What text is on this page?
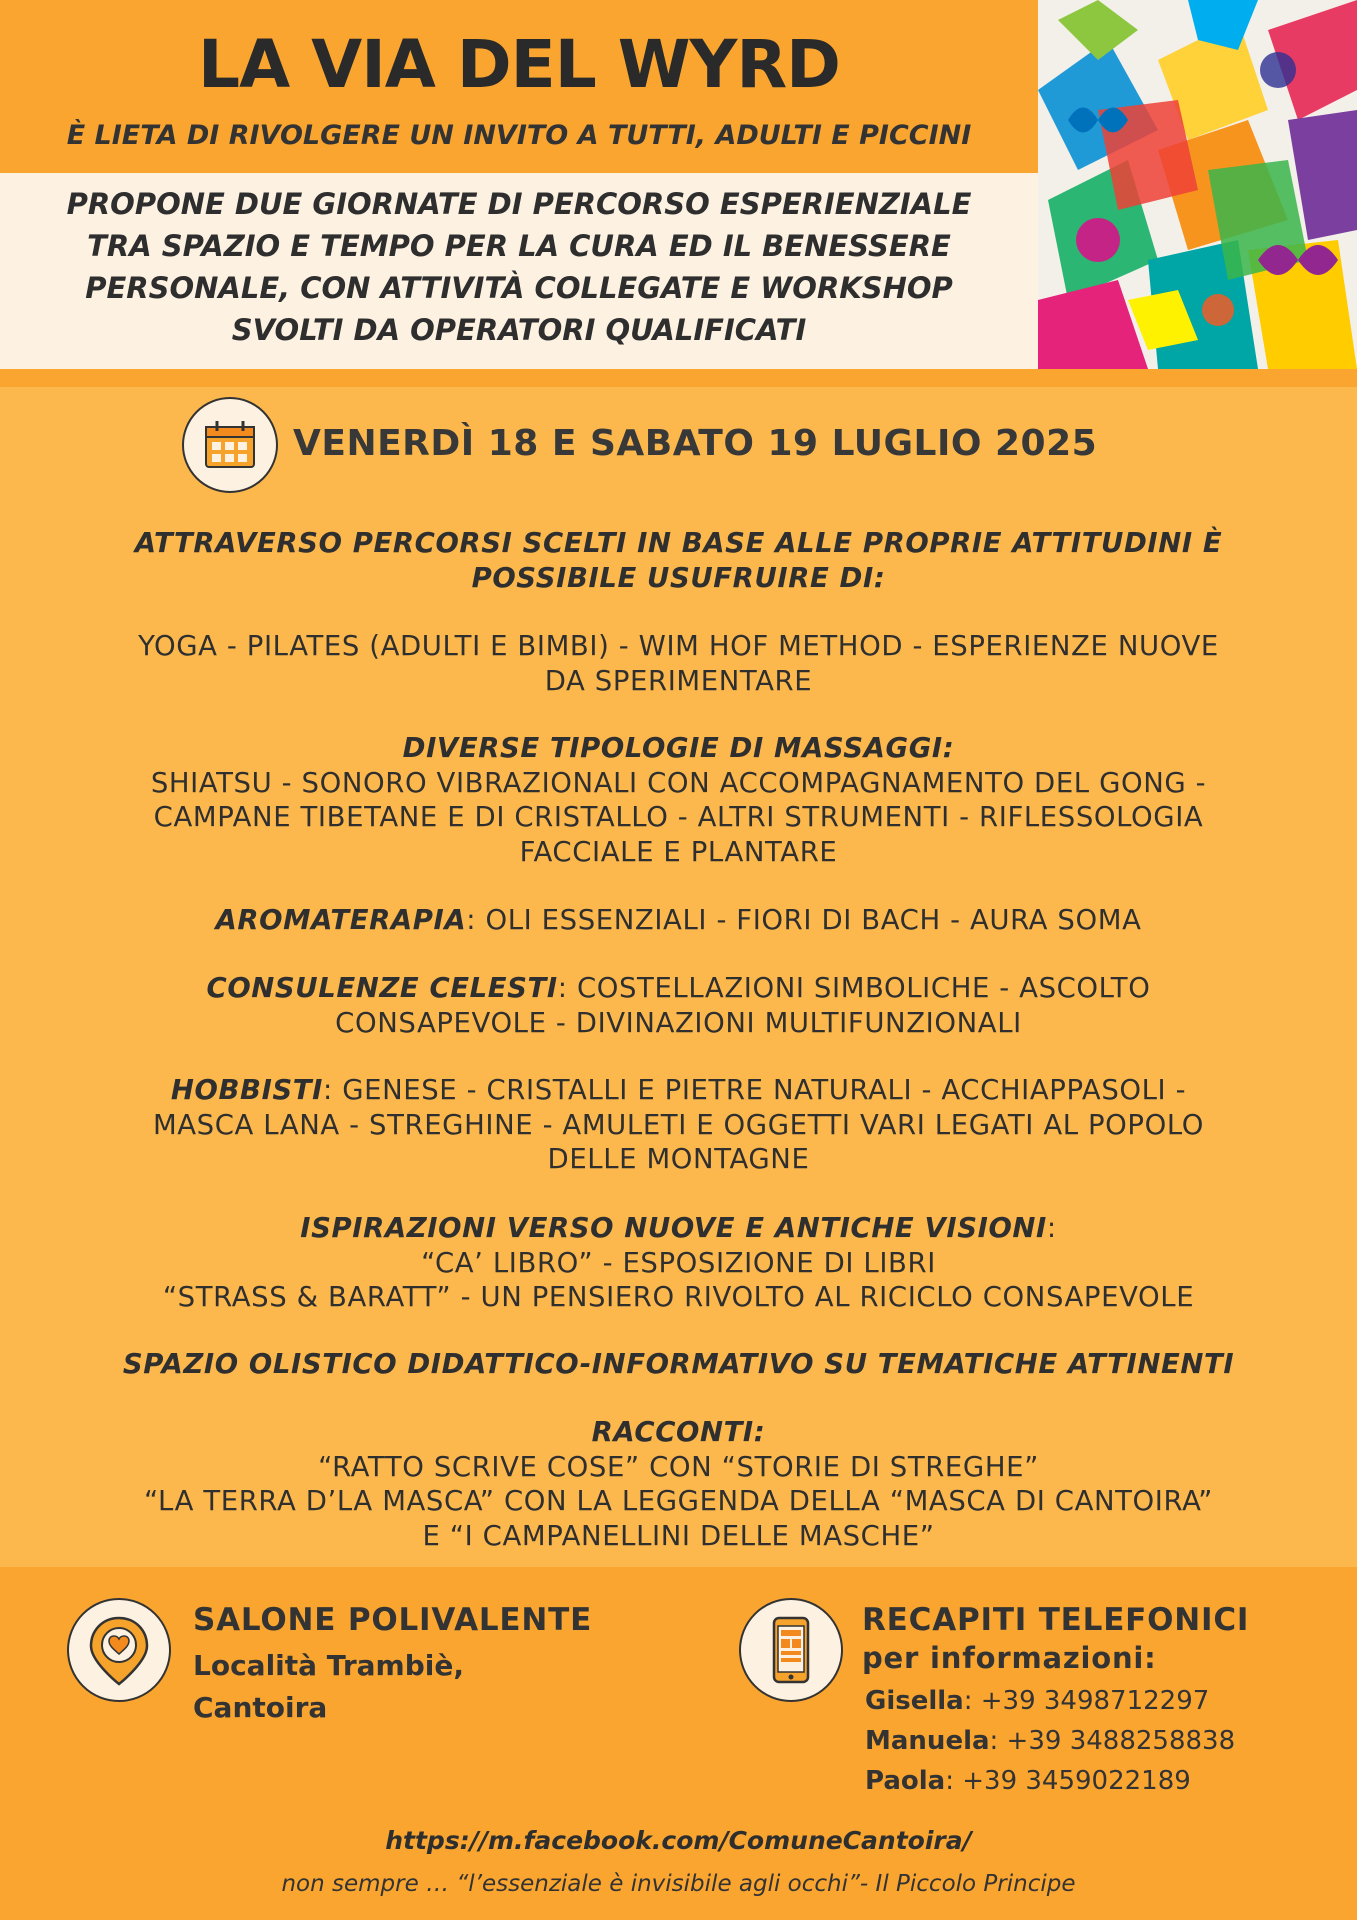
LA VIA DEL WYRD
È LIETA DI RIVOLGERE UN INVITO A TUTTI, ADULTI E PICCINI
PROPONE DUE GIORNATE DI PERCORSO ESPERIENZIALE
TRA SPAZIO E TEMPO PER LA CURA ED IL BENESSERE
PERSONALE, CON ATTIVITÀ COLLEGATE E WORKSHOP
SVOLTI DA OPERATORI QUALIFICATI
VENERDÌ 18 E SABATO 19 LUGLIO 2025
ATTRAVERSO PERCORSI SCELTI IN BASE ALLE PROPRIE ATTITUDINI È
POSSIBILE USUFRUIRE DI:
YOGA - PILATES (ADULTI E BIMBI) - WIM HOF METHOD - ESPERIENZE NUOVE
DA SPERIMENTARE
DIVERSE TIPOLOGIE DI MASSAGGI:
SHIATSU - SONORO VIBRAZIONALI CON ACCOMPAGNAMENTO DEL GONG -
CAMPANE TIBETANE E DI CRISTALLO - ALTRI STRUMENTI - RIFLESSOLOGIA
FACCIALE E PLANTARE
AROMATERAPIA: OLI ESSENZIALI - FIORI DI BACH - AURA SOMA
CONSULENZE CELESTI: COSTELLAZIONI SIMBOLICHE - ASCOLTO
CONSAPEVOLE - DIVINAZIONI MULTIFUNZIONALI
HOBBISTI: GENESE - CRISTALLI E PIETRE NATURALI - ACCHIAPPASOLI -
MASCA LANA - STREGHINE - AMULETI E OGGETTI VARI LEGATI AL POPOLO
DELLE MONTAGNE
ISPIRAZIONI VERSO NUOVE E ANTICHE VISIONI:
“CA’ LIBRO” - ESPOSIZIONE DI LIBRI
“STRASS & BARATT” - UN PENSIERO RIVOLTO AL RICICLO CONSAPEVOLE
SPAZIO OLISTICO DIDATTICO-INFORMATIVO SU TEMATICHE ATTINENTI
RACCONTI:
“RATTO SCRIVE COSE” CON “STORIE DI STREGHE”
“LA TERRA D’LA MASCA” CON LA LEGGENDA DELLA “MASCA DI CANTOIRA”
E “I CAMPANELLINI DELLE MASCHE”
SALONE POLIVALENTE
Località Trambiè,
Cantoira
RECAPITI TELEFONICI
per informazioni:
Gisella: +39 3498712297
Manuela: +39 3488258838
Paola: +39 3459022189
https://m.facebook.com/ComuneCantoira/
non sempre … “l’essenziale è invisibile agli occhi”- Il Piccolo Principe
